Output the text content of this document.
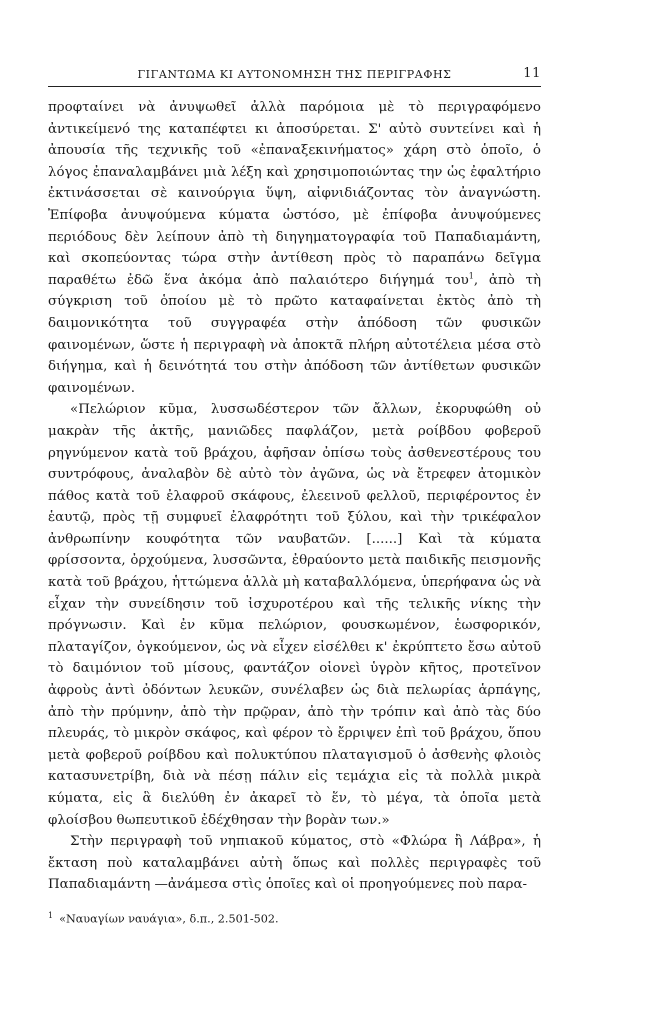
ΓΙΓΑΝΤΩΜΑ ΚΙ ΑΥΤΟΝΟΜΗΣΗ ΤΗΣ ΠΕΡΙΓΡΑΦΗΣ	11

προφταίνει νὰ ἀνυψωθεῖ ἀλλὰ παρόμοια μὲ τὸ περιγραφόμενο ἀντικείμενό της καταπέφτει κι ἀποσύρεται. Σ' αὐτὸ συντείνει καὶ ἡ ἀπουσία τῆς τεχνικῆς τοῦ «ἐπαναξεκινήματος» χάρη στὸ ὁποῖο, ὁ λόγος ἐπαναλαμβάνει μιὰ λέξη καὶ χρησιμοποιώντας την ὡς ἐφαλτήριο ἐκτινάσσεται σὲ καινούργια ὕψη, αἰφνιδιάζοντας τὸν ἀναγνώστη. Ἐπίφοβα ἀνυψούμενα κύματα ὡστόσο, μὲ ἐπίφοβα ἀνυψούμενες περιόδους δὲν λείπουν ἀπὸ τὴ διηγηματογραφία τοῦ Παπαδιαμάντη, καὶ σκοπεύοντας τώρα στὴν ἀντίθεση πρὸς τὸ παραπάνω δεῖγμα παραθέτω ἐδῶ ἕνα ἀκόμα ἀπὸ παλαιότερο διήγημά του$^1$, ἀπὸ τὴ σύγκριση τοῦ ὁποίου μὲ τὸ πρῶτο καταφαίνεται ἐκτὸς ἀπὸ τὴ δαιμονικότητα τοῦ συγγραφέα στὴν ἀπόδοση τῶν φυσικῶν φαινομένων, ὥστε ἡ περιγραφὴ νὰ ἀποκτᾶ πλήρη αὐτοτέλεια μέσα στὸ διήγημα, καὶ ἡ δεινότητά του στὴν ἀπόδοση τῶν ἀντίθετων φυσικῶν φαινομένων.

«Πελώριον κῦμα, λυσσωδέστερον τῶν ἄλλων, ἐκορυφώθη οὐ μακρὰν τῆς ἀκτῆς, μανιῶδες παφλάζον, μετὰ ροίβδου φοβεροῦ ρηγνύμενον κατὰ τοῦ βράχου, ἀφῆσαν ὀπίσω τοὺς ἀσθενεστέρους του συντρόφους, ἀναλαβὸν δὲ αὐτὸ τὸν ἀγῶνα, ὡς νὰ ἔτρεφεν ἀτομικὸν πάθος κατὰ τοῦ ἐλαφροῦ σκάφους, ἐλεεινοῦ φελλοῦ, περιφέροντος ἐν ἑαυτῷ, πρὸς τῇ συμφυεῖ ἐλαφρότητι τοῦ ξύλου, καὶ τὴν τρικέφαλον ἀνθρωπίνην κουφότητα τῶν ναυβατῶν. [......] Καὶ τὰ κύματα φρίσσοντα, ὀρχούμενα, λυσσῶντα, ἐθραύοντο μετὰ παιδικῆς πεισμονῆς κατὰ τοῦ βράχου, ἡττώμενα ἀλλὰ μὴ καταβαλλόμενα, ὑπερήφανα ὡς νὰ εἶχαν τὴν συνείδησιν τοῦ ἰσχυροτέρου καὶ τῆς τελικῆς νίκης τὴν πρόγνωσιν. Καὶ ἐν κῦμα πελώριον, φουσκωμένον, ἑωσφορικόν, πλαταγίζον, ὀγκούμενον, ὡς νὰ εἶχεν εἰσέλθει κ' ἐκρύπτετο ἔσω αὐτοῦ τὸ δαιμόνιον τοῦ μίσους, φαντάζον οἱονεὶ ὑγρὸν κῆτος, προτεῖνον ἀφροὺς ἀντὶ ὀδόντων λευκῶν, συνέλαβεν ὡς διὰ πελωρίας ἁρπάγης, ἀπὸ τὴν πρύμνην, ἀπὸ τὴν πρῷραν, ἀπὸ τὴν τρόπιν καὶ ἀπὸ τὰς δύο πλευράς, τὸ μικρὸν σκάφος, καὶ φέρον τὸ ἔρριψεν ἐπὶ τοῦ βράχου, ὅπου μετὰ φοβεροῦ ροίβδου καὶ πολυκτύπου πλαταγισμοῦ ὁ ἀσθενὴς φλοιὸς κατασυνετρίβη, διὰ νὰ πέσῃ πάλιν εἰς τεμάχια εἰς τὰ πολλὰ μικρὰ κύματα, εἰς ἃ διελύθη ἐν ἀκαρεῖ τὸ ἕν, τὸ μέγα, τὰ ὁποῖα μετὰ φλοίσβου θωπευτικοῦ ἐδέχθησαν τὴν βορὰν των.»

Στὴν περιγραφὴ τοῦ νηπιακοῦ κύματος, στὸ «Φλώρα ἢ Λάβρα», ἡ ἔκταση ποὺ καταλαμβάνει αὐτὴ ὅπως καὶ πολλὲς περιγραφὲς τοῦ Παπαδιαμάντη —ἀνάμεσα στὶς ὁποῖες καὶ οἱ προηγούμενες ποὺ παρα-

$^1$ «Ναυαγίων ναυάγια», δ.π., 2.501-502.
